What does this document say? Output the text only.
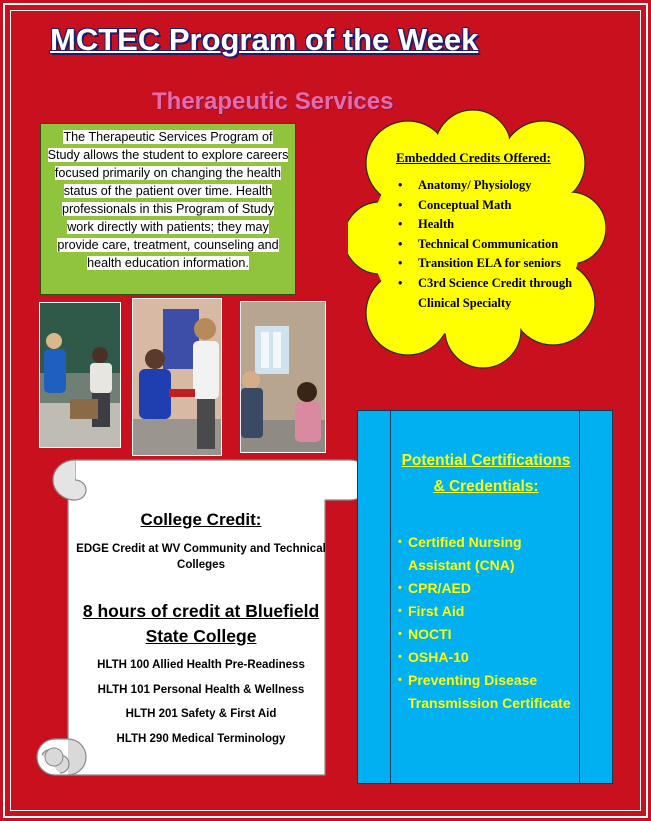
MCTEC Program of the Week
Therapeutic Services
The Therapeutic Services Program of Study allows the student to explore careers focused primarily on changing the health status of the patient over time. Health professionals in this Program of Study work directly with patients; they may provide care, treatment, counseling and health education information.

Embedded Credits Offered:

• Anatomy/ Physiology
• Conceptual Math
• Health
• Technical Communication
• Transition ELA for seniors
• C3rd Science Credit through Clinical Specialty

College Credit:

EDGE Credit at WV Community and Technical Colleges

8 hours of credit at Bluefield State College

HLTH 100 Allied Health Pre-Readiness

HLTH 101 Personal Health & Wellness

HLTH 201 Safety & First Aid

HLTH 290 Medical Terminology

Potential Certifications & Credentials:
• Certified Nursing Assistant (CNA)
• CPR/AED
• First Aid
• NOCTI
• OSHA-10
• Preventing Disease Transmission Certificate
